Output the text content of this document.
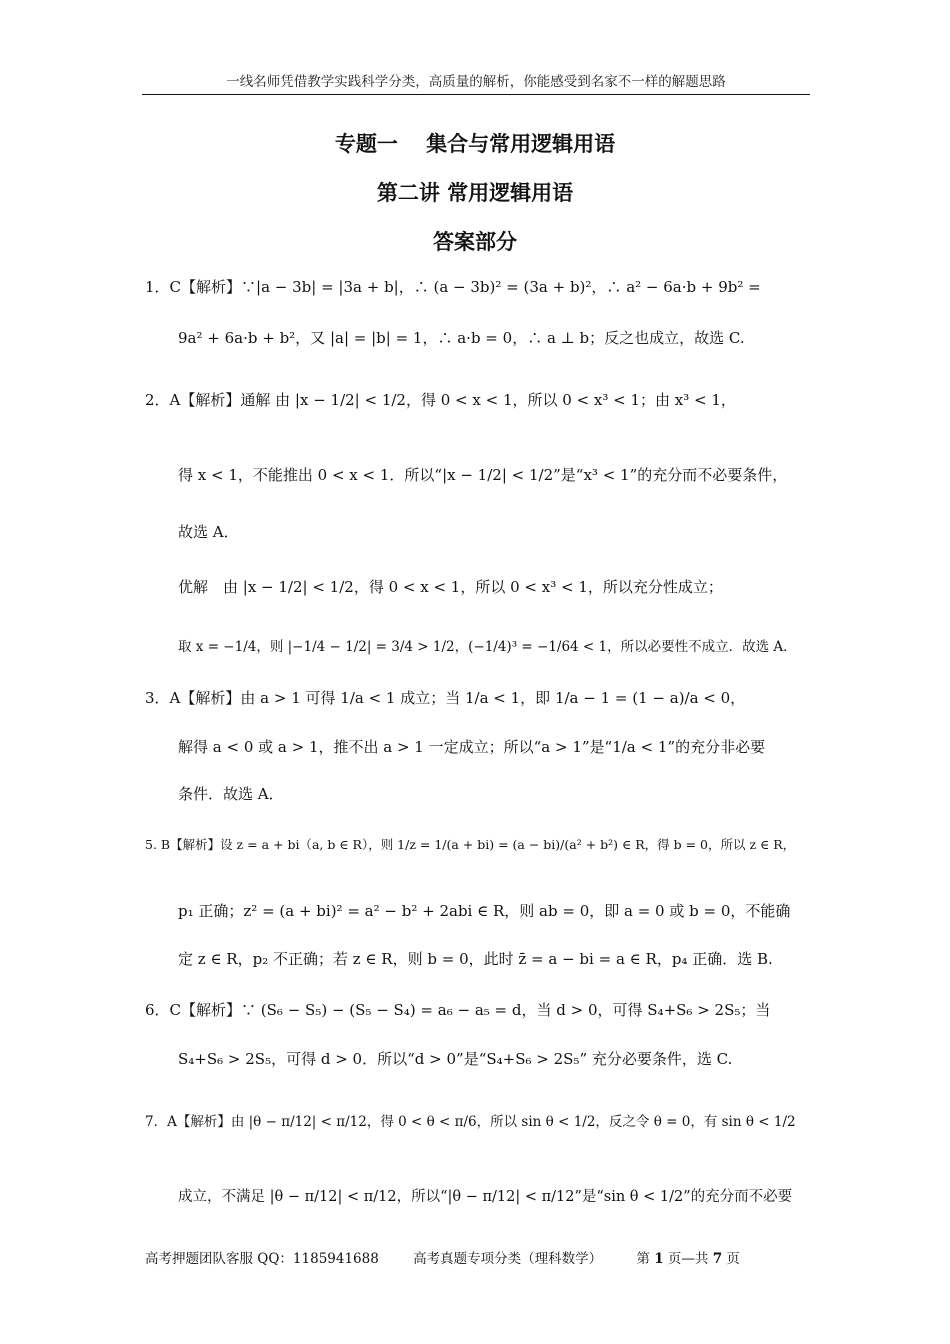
一线名师凭借教学实践科学分类，高质量的解析，你能感受到名家不一样的解题思路
专题一　 集合与常用逻辑用语
第二讲 常用逻辑用语
答案部分
1．C【解析】∵|a − 3b| = |3a + b|，∴ (a − 3b)² = (3a + b)²，∴ a² − 6a·b + 9b² =
9a² + 6a·b + b²，又 |a| = |b| = 1，∴ a·b = 0，∴ a ⊥ b；反之也成立，故选 C.
2．A【解析】通解 由 |x − 1/2| < 1/2，得 0 < x < 1，所以 0 < x³ < 1；由 x³ < 1，
得 x < 1，不能推出 0 < x < 1．所以“|x − 1/2| < 1/2”是“x³ < 1”的充分而不必要条件，
故选 A．
优解　由 |x − 1/2| < 1/2，得 0 < x < 1，所以 0 < x³ < 1，所以充分性成立；
取 x = −1/4，则 |−1/4 − 1/2| = 3/4 > 1/2，(−1/4)³ = −1/64 < 1，所以必要性不成立．故选 A．
3．A【解析】由 a > 1 可得 1/a < 1 成立；当 1/a < 1，即 1/a − 1 = (1 − a)/a < 0，
解得 a < 0 或 a > 1，推不出 a > 1 一定成立；所以“a > 1”是“1/a < 1”的充分非必要
条件．故选 A．
5. B【解析】设 z = a + bi（a, b ∈ R），则 1/z = 1/(a + bi) = (a − bi)/(a² + b²) ∈ R，得 b = 0，所以 z ∈ R，
p₁ 正确；z² = (a + bi)² = a² − b² + 2abi ∈ R，则 ab = 0，即 a = 0 或 b = 0，不能确
定 z ∈ R，p₂ 不正确；若 z ∈ R，则 b = 0，此时 z̄ = a − bi = a ∈ R，p₄ 正确．选 B.
6．C【解析】∵ (S₆ − S₅) − (S₅ − S₄) = a₆ − a₅ = d，当 d > 0，可得 S₄+S₆ > 2S₅；当
S₄+S₆ > 2S₅，可得 d > 0．所以“d > 0”是“S₄+S₆ > 2S₅” 充分必要条件，选 C.
7．A【解析】由 |θ − π/12| < π/12，得 0 < θ < π/6，所以 sin θ < 1/2，反之令 θ = 0，有 sin θ < 1/2
成立，不满足 |θ − π/12| < π/12，所以“|θ − π/12| < π/12”是“sin θ < 1/2”的充分而不必要
高考押题团队客服 QQ：1185941688	高考真题专项分类（理科数学）	第 1 页—共 7 页
